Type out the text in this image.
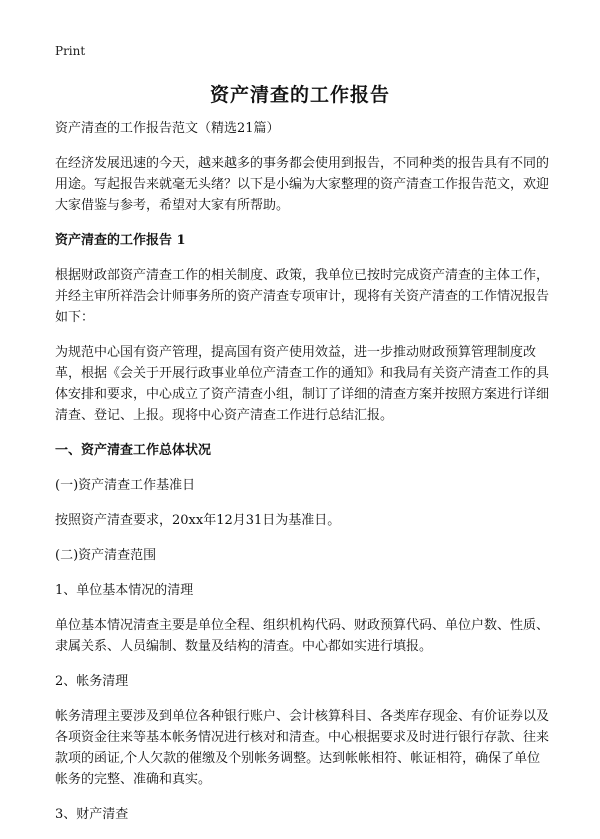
Print
资产清查的工作报告

资产清查的工作报告范文（精选21篇）

在经济发展迅速的今天，越来越多的事务都会使用到报告，不同种类的报告具有不同的用途。写起报告来就毫无头绪？以下是小编为大家整理的资产清查工作报告范文，欢迎大家借鉴与参考，希望对大家有所帮助。

资产清查的工作报告 1

根据财政部资产清查工作的相关制度、政策，我单位已按时完成资产清查的主体工作，并经主审所祥浩会计师事务所的资产清查专项审计，现将有关资产清查的工作情况报告如下：

为规范中心国有资产管理，提高国有资产使用效益，进一步推动财政预算管理制度改革，根据《会关于开展行政事业单位产清查工作的通知》和我局有关资产清查工作的具体安排和要求，中心成立了资产清查小组，制订了详细的清查方案并按照方案进行详细清查、登记、上报。现将中心资产清查工作进行总结汇报。

一、资产清查工作总体状况

(一)资产清查工作基准日

按照资产清查要求，20xx年12月31日为基准日。

(二)资产清查范围

1、单位基本情况的清理

单位基本情况清查主要是单位全程、组织机构代码、财政预算代码、单位户数、性质、隶属关系、人员编制、数量及结构的清查。中心都如实进行填报。

2、帐务清理

帐务清理主要涉及到单位各种银行账户、会计核算科目、各类库存现金、有价证券以及各项资金往来等基本帐务情况进行核对和清查。中心根据要求及时进行银行存款、往来款项的函证,个人欠款的催缴及个别帐务调整。达到帐帐相符、帐证相符，确保了单位帐务的完整、准确和真实。

3、财产清查
